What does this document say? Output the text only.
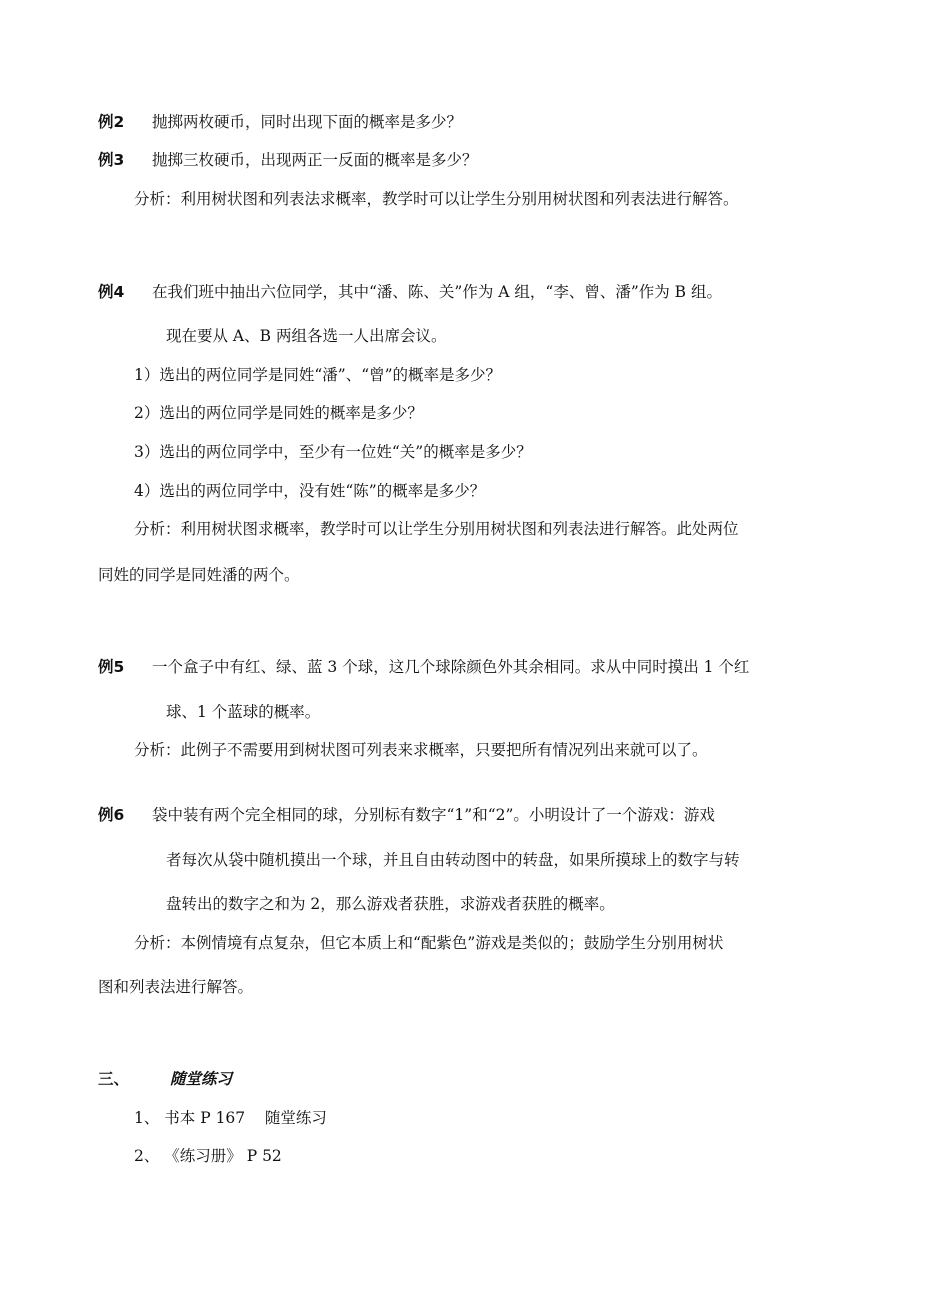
例2 抛掷两枚硬币，同时出现下面的概率是多少？
例3 抛掷三枚硬币，出现两正一反面的概率是多少？
分析：利用树状图和列表法求概率，教学时可以让学生分别用树状图和列表法进行解答。
例4 在我们班中抽出六位同学，其中“潘、陈、关”作为 A 组，“李、曾、潘”作为 B 组。
现在要从 A、B 两组各选一人出席会议。
1）选出的两位同学是同姓“潘”、“曾”的概率是多少？
2）选出的两位同学是同姓的概率是多少？
3）选出的两位同学中，至少有一位姓“关”的概率是多少？
4）选出的两位同学中，没有姓“陈”的概率是多少？
分析：利用树状图求概率，教学时可以让学生分别用树状图和列表法进行解答。此处两位
同姓的同学是同姓潘的两个。
例5 一个盒子中有红、绿、蓝 3 个球，这几个球除颜色外其余相同。求从中同时摸出 1 个红
球、1 个蓝球的概率。
分析：此例子不需要用到树状图可列表来求概率，只要把所有情况列出来就可以了。
例6 袋中装有两个完全相同的球，分别标有数字“1”和“2”。小明设计了一个游戏：游戏
者每次从袋中随机摸出一个球，并且自由转动图中的转盘，如果所摸球上的数字与转
盘转出的数字之和为 2，那么游戏者获胜，求游戏者获胜的概率。
分析：本例情境有点复杂，但它本质上和“配紫色”游戏是类似的；鼓励学生分别用树状
图和列表法进行解答。
三、	随堂练习
1、 书本 P 167    随堂练习
2、 《练习册》 P 52
